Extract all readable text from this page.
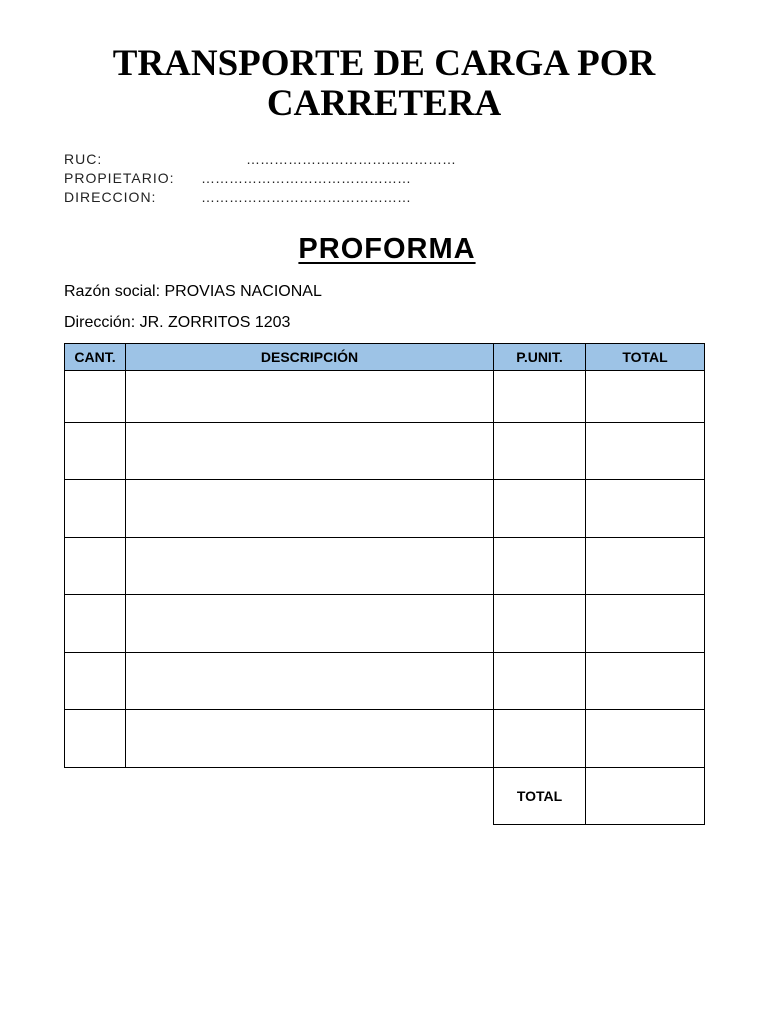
TRANSPORTE DE CARGA POR
CARRETERA
RUC:	………………………………………
PROPIETARIO: ………………………………………
DIRECCION:	………………………………………
PROFORMA
Razón social: PROVIAS NACIONAL
Dirección: JR. ZORRITOS 1203
CANT.	DESCRIPCIÓN	P.UNIT.	TOTAL

		TOTAL	
